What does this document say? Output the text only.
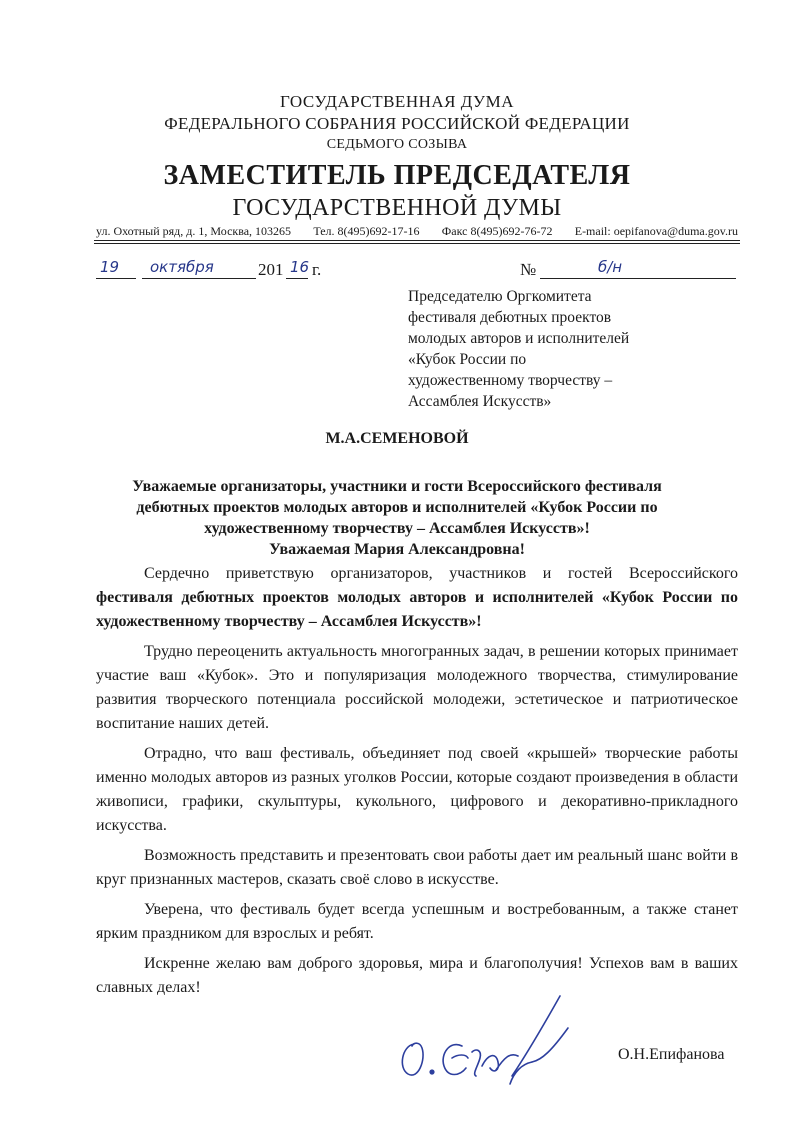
ГОСУДАРСТВЕННАЯ ДУМА
ФЕДЕРАЛЬНОГО СОБРАНИЯ РОССИЙСКОЙ ФЕДЕРАЦИИ
СЕДЬМОГО СОЗЫВА
ЗАМЕСТИТЕЛЬ ПРЕДСЕДАТЕЛЯ
ГОСУДАРСТВЕННОЙ ДУМЫ
ул. Охотный ряд, д. 1, Москва, 103265 Тел. 8(495)692-17-16 Факс 8(495)692-76-72 E-mail: oepifanova@duma.gov.ru
19 октября	201 16 г.	№	б/н
Председателю Оргкомитета
фестиваля дебютных проектов
молодых авторов и исполнителей
«Кубок России по
художественному творчеству –
Ассамблея Искусств»
М.А.СЕМЕНОВОЙ
Уважаемые организаторы, участники и гости Всероссийского фестиваля
дебютных проектов молодых авторов и исполнителей «Кубок России по
художественному творчеству – Ассамблея Искусств»!
Уважаемая Мария Александровна!

Сердечно приветствую организаторов, участников и гостей Всероссийского фестиваля дебютных проектов молодых авторов и исполнителей «Кубок России по художественному творчеству – Ассамблея Искусств»!

Трудно переоценить актуальность многогранных задач, в решении которых принимает участие ваш «Кубок». Это и популяризация молодежного творчества, стимулирование развития творческого потенциала российской молодежи, эстетическое и патриотическое воспитание наших детей.

Отрадно, что ваш фестиваль, объединяет под своей «крышей» творческие работы именно молодых авторов из разных уголков России, которые создают произведения в области живописи, графики, скульптуры, кукольного, цифрового и декоративно-прикладного искусства.

Возможность представить и презентовать свои работы дает им реальный шанс войти в круг признанных мастеров, сказать своё слово в искусстве.

Уверена, что фестиваль будет всегда успешным и востребованным, а также станет ярким праздником для взрослых и ребят.

Искренне желаю вам доброго здоровья, мира и благополучия! Успехов вам в ваших славных делах!

О.Н.Епифанова
